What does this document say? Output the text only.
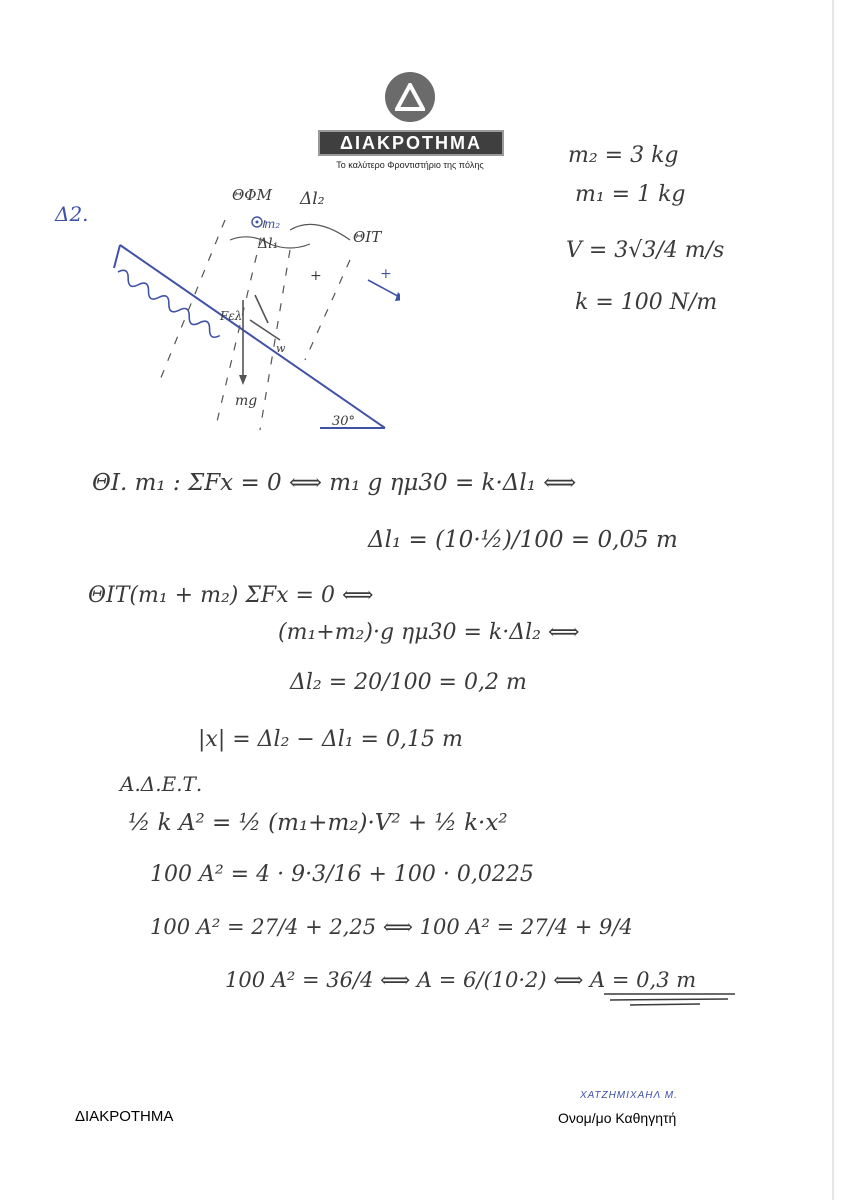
ΔΙΑΚΡΟΤΗΜΑ
Το καλύτερο Φροντιστήριο της πόλης
Δ2.
m₂ = 3 kg
m₁ = 1 kg
V = 3√3/4 m/s
k = 100 N/m
ΘΦΜ Δl₂
ΘΙΤ
Δl₁
m₂
Fελ
w
mg
30°
+	+
ΘΙ. m₁ : ΣFx = 0 ⟺ m₁ g ημ30 = k·Δl₁ ⟺
Δl₁ = (10·½)/100 = 0,05 m
ΘΙΤ(m₁ + m₂) ΣFx = 0 ⟺
(m₁+m₂)·g ημ30 = k·Δl₂ ⟺
Δl₂ = 20/100 = 0,2 m
|x| = Δl₂ − Δl₁ = 0,15 m
Α.Δ.Ε.Τ.
½ k A² = ½ (m₁+m₂)·V² + ½ k·x²
100 A² = 4 · 9·3/16 + 100 · 0,0225
100 A² = 27/4 + 2,25 ⟺ 100 A² = 27/4 + 9/4
100 A² = 36/4 ⟺ A = 6/(10·2) ⟺ A = 0,3 m
ΔΙΑΚΡΟΤΗΜΑ
ΧΑΤΖΗΜΙΧΑΗΛ Μ.
Ονομ/μο Καθηγητή
